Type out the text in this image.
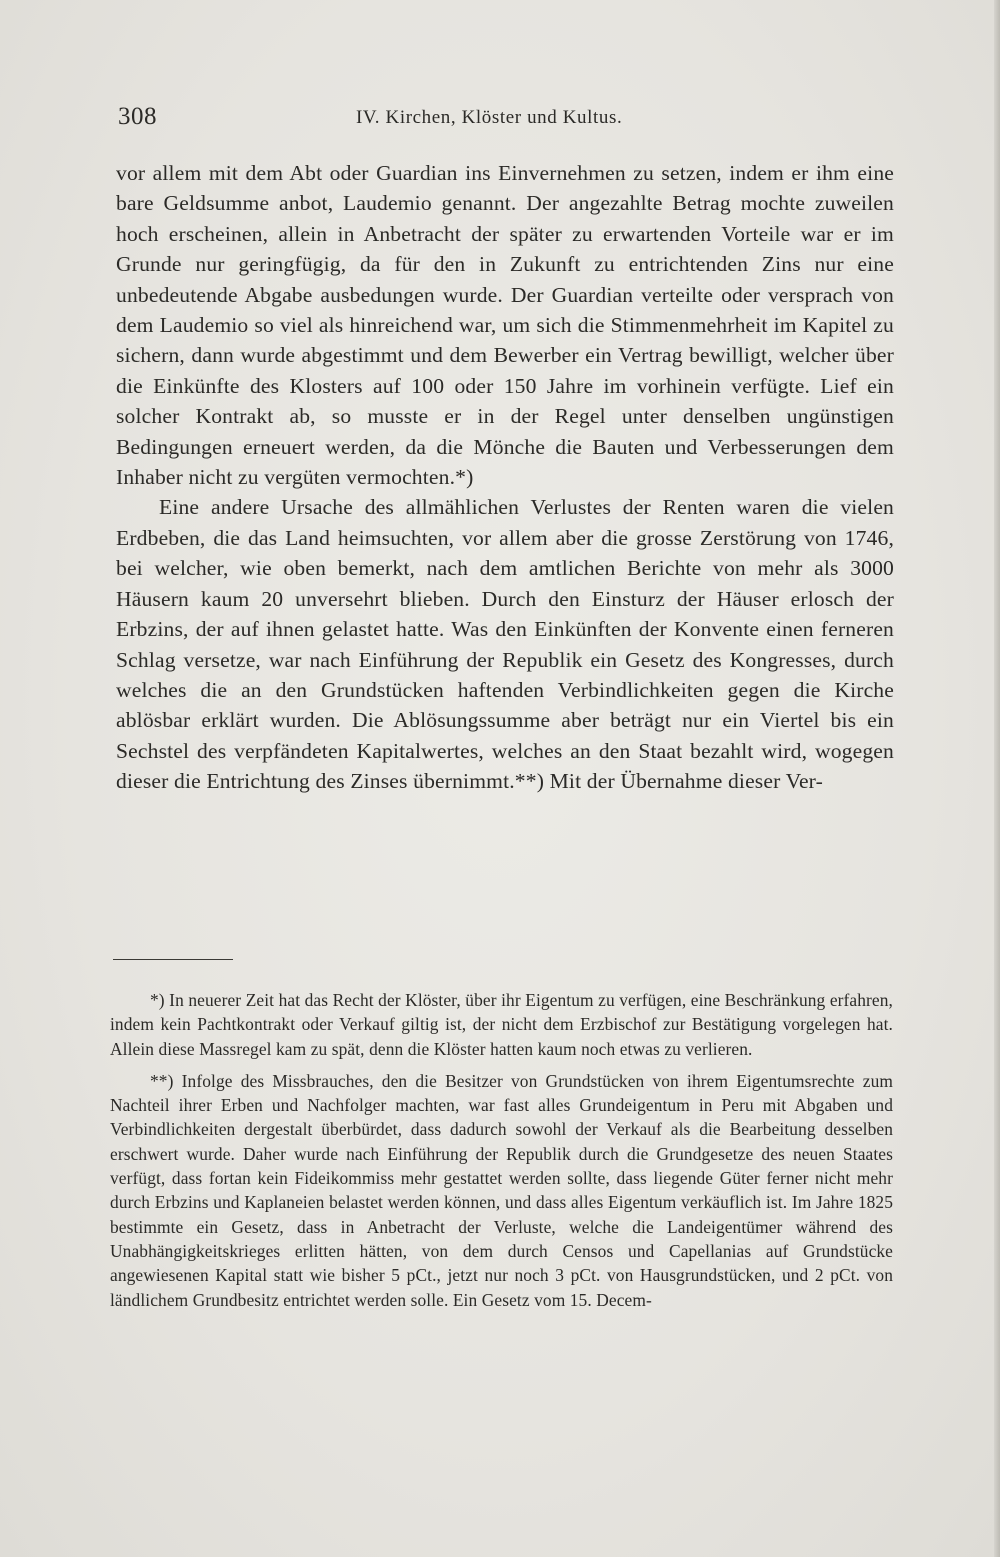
308	IV. Kirchen, Klöster und Kultus.

vor allem mit dem Abt oder Guardian ins Einvernehmen zu setzen, indem er ihm eine bare Geldsumme anbot, Laudemio genannt. Der angezahlte Betrag mochte zuweilen hoch erscheinen, allein in Anbetracht der später zu erwartenden Vorteile war er im Grunde nur geringfügig, da für den in Zukunft zu entrichtenden Zins nur eine unbedeutende Abgabe ausbedungen wurde. Der Guardian verteilte oder versprach von dem Laudemio so viel als hinreichend war, um sich die Stimmenmehrheit im Kapitel zu sichern, dann wurde abgestimmt und dem Bewerber ein Vertrag bewilligt, welcher über die Einkünfte des Klosters auf 100 oder 150 Jahre im vorhinein verfügte. Lief ein solcher Kontrakt ab, so musste er in der Regel unter denselben ungünstigen Bedingungen erneuert werden, da die Mönche die Bauten und Verbesserungen dem Inhaber nicht zu vergüten vermochten.*)

Eine andere Ursache des allmählichen Verlustes der Renten waren die vielen Erdbeben, die das Land heimsuchten, vor allem aber die grosse Zerstörung von 1746, bei welcher, wie oben bemerkt, nach dem amtlichen Berichte von mehr als 3000 Häusern kaum 20 unversehrt blieben. Durch den Einsturz der Häuser erlosch der Erbzins, der auf ihnen gelastet hatte. Was den Einkünften der Konvente einen ferneren Schlag versetze, war nach Einführung der Republik ein Gesetz des Kongresses, durch welches die an den Grundstücken haftenden Verbindlichkeiten gegen die Kirche ablösbar erklärt wurden. Die Ablösungssumme aber beträgt nur ein Viertel bis ein Sechstel des verpfändeten Kapitalwertes, welches an den Staat bezahlt wird, wogegen dieser die Entrichtung des Zinses übernimmt.**) Mit der Übernahme dieser Ver-

*) In neuerer Zeit hat das Recht der Klöster, über ihr Eigentum zu verfügen, eine Beschränkung erfahren, indem kein Pachtkontrakt oder Verkauf giltig ist, der nicht dem Erzbischof zur Bestätigung vorgelegen hat. Allein diese Massregel kam zu spät, denn die Klöster hatten kaum noch etwas zu verlieren.

**) Infolge des Missbrauches, den die Besitzer von Grundstücken von ihrem Eigentumsrechte zum Nachteil ihrer Erben und Nachfolger machten, war fast alles Grundeigentum in Peru mit Abgaben und Verbindlichkeiten dergestalt überbürdet, dass dadurch sowohl der Verkauf als die Bearbeitung desselben erschwert wurde. Daher wurde nach Einführung der Republik durch die Grundgesetze des neuen Staates verfügt, dass fortan kein Fideikommiss mehr gestattet werden sollte, dass liegende Güter ferner nicht mehr durch Erbzins und Kaplaneien belastet werden können, und dass alles Eigentum verkäuflich ist. Im Jahre 1825 bestimmte ein Gesetz, dass in Anbetracht der Verluste, welche die Landeigentümer während des Unabhängigkeitskrieges erlitten hätten, von dem durch Censos und Capellanias auf Grundstücke angewiesenen Kapital statt wie bisher 5 pCt., jetzt nur noch 3 pCt. von Hausgrundstücken, und 2 pCt. von ländlichem Grundbesitz entrichtet werden solle. Ein Gesetz vom 15. Decem-
